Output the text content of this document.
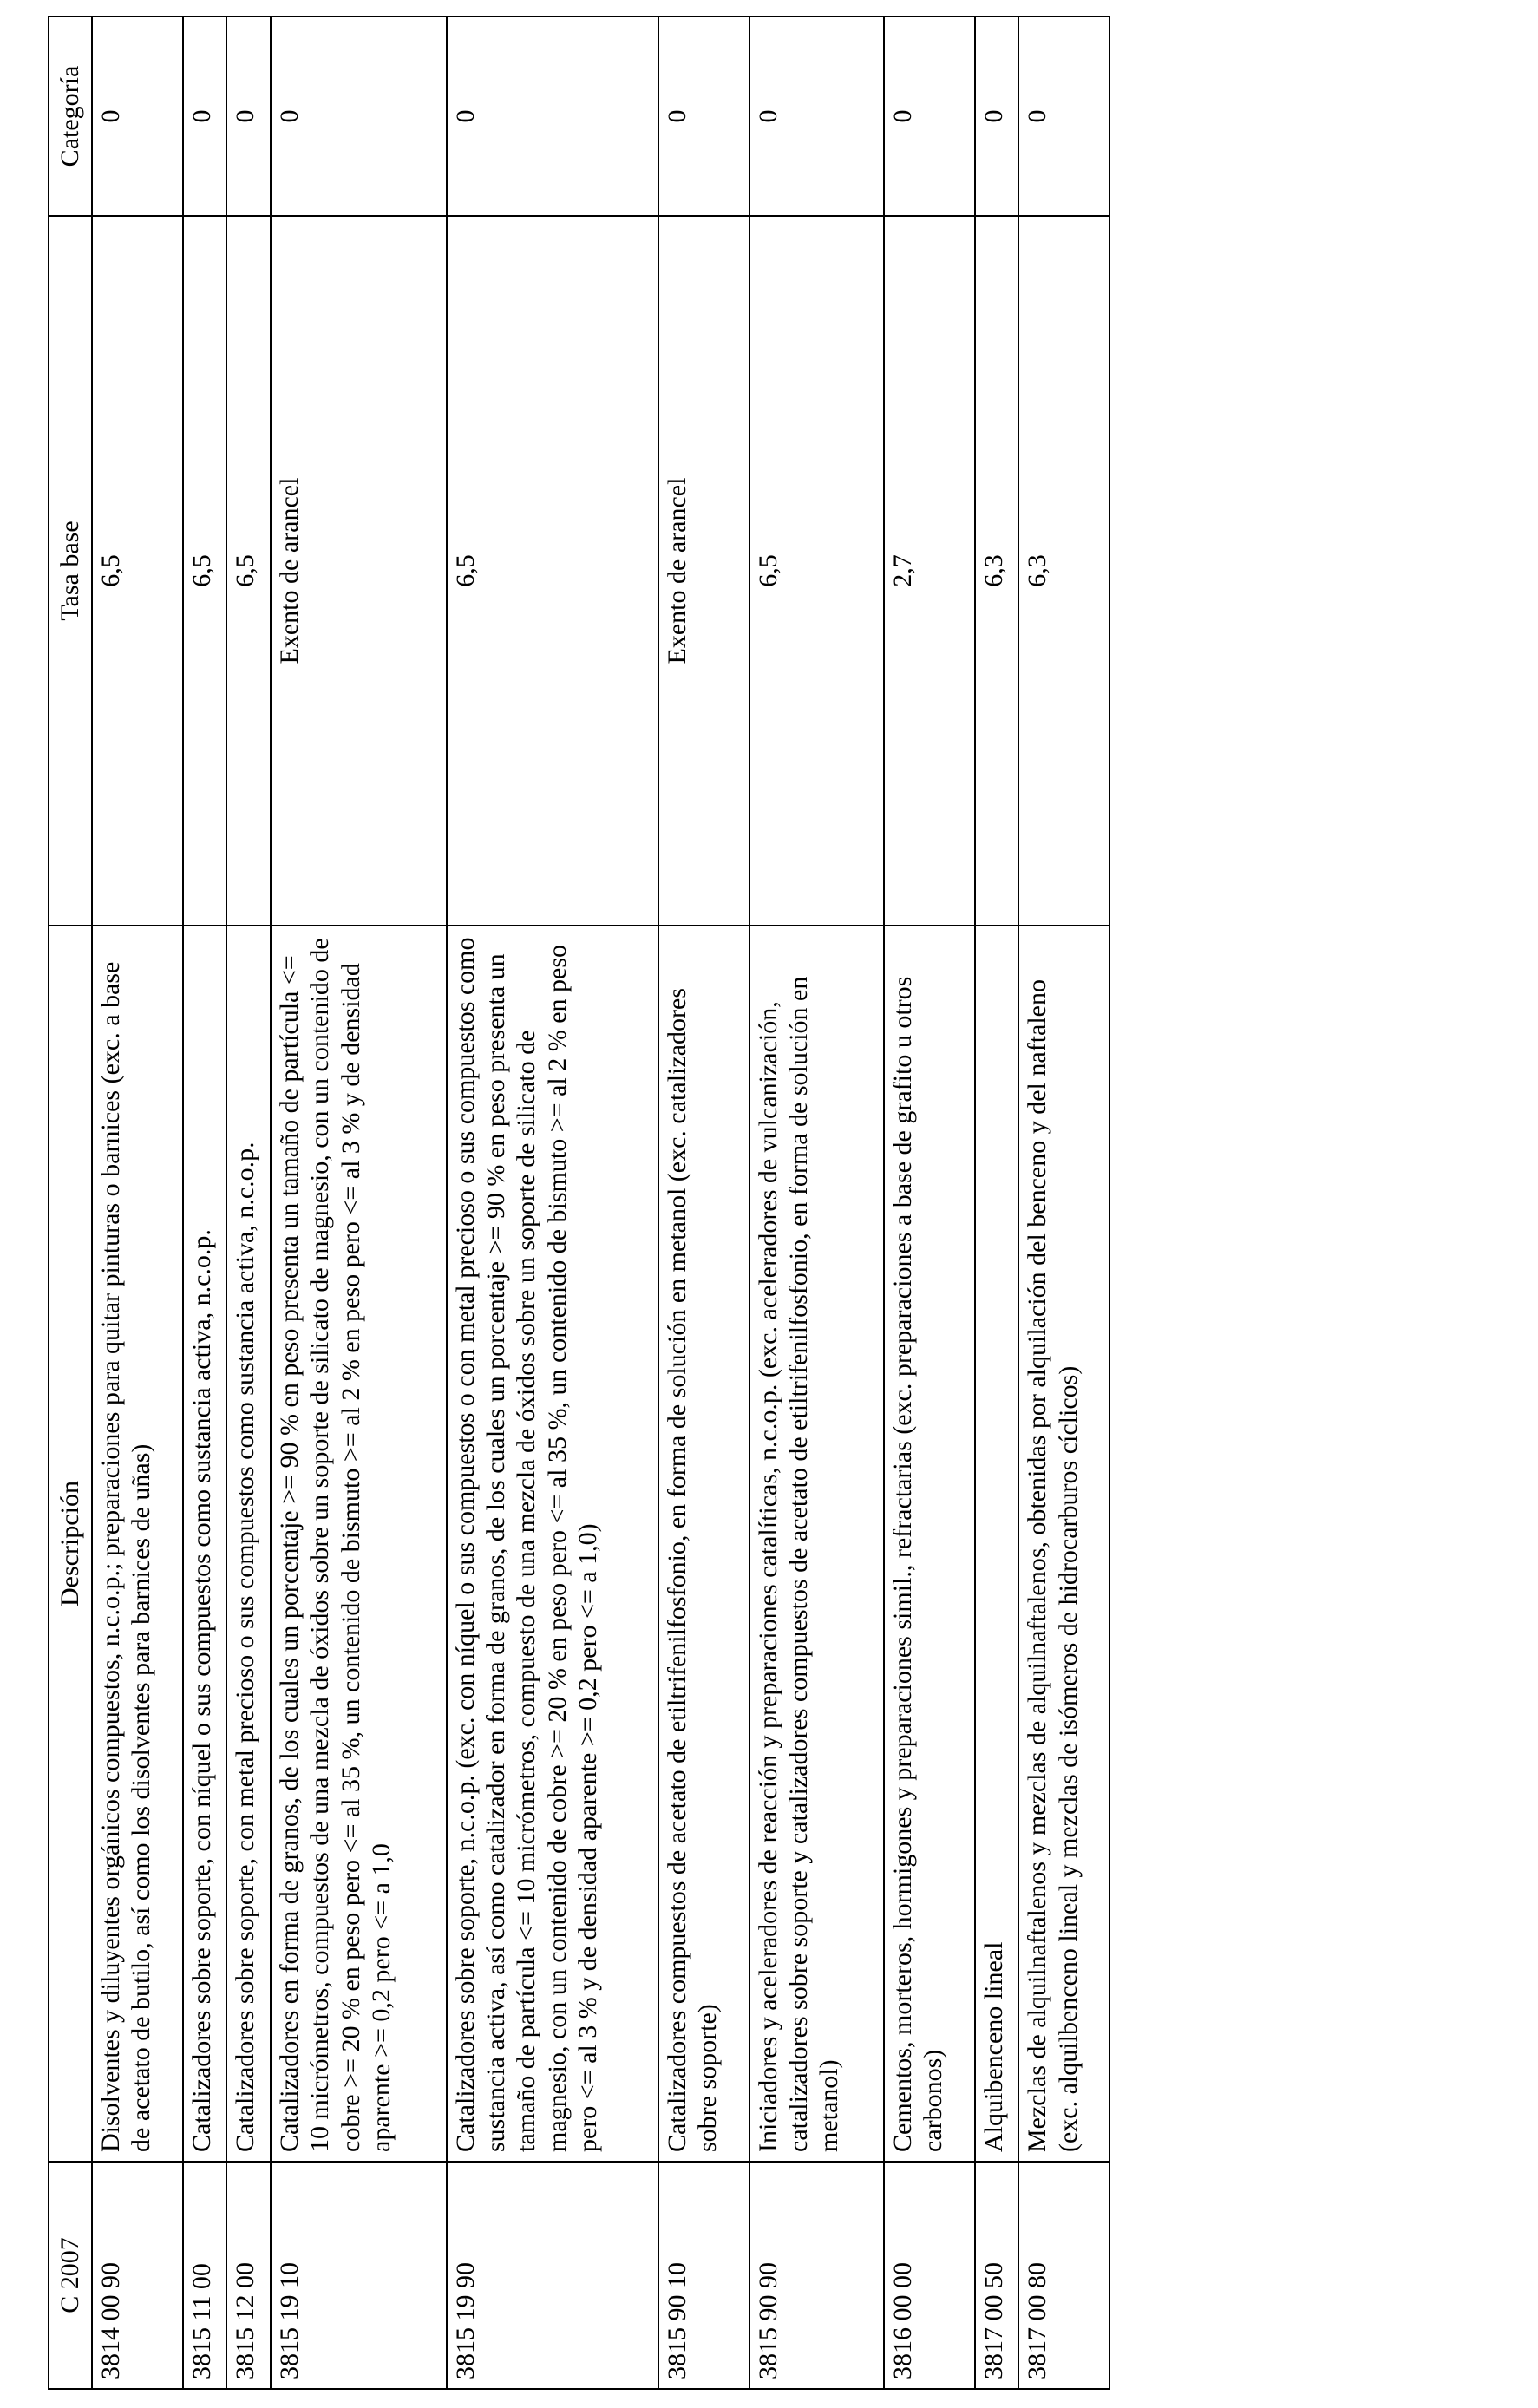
C 2007	Descripción	Tasa base	Categoría
3814 00 90	Disolventes y diluyentes orgánicos compuestos, n.c.o.p.; preparaciones para quitar pinturas o barnices (exc. a base de acetato de butilo, así como los disolventes para barnices de uñas)	6,5	0
3815 11 00	Catalizadores sobre soporte, con níquel o sus compuestos como sustancia activa, n.c.o.p.	6,5	0
3815 12 00	Catalizadores sobre soporte, con metal precioso o sus compuestos como sustancia activa, n.c.o.p.	6,5	0
3815 19 10	Catalizadores en forma de granos, de los cuales un porcentaje >= 90 % en peso presenta un tamaño de partícula <= 10 micrómetros, compuestos de una mezcla de óxidos sobre un soporte de silicato de magnesio, con un contenido de cobre >= 20 % en peso pero <= al 35 %, un contenido de bismuto >= al 2 % en peso pero <= al 3 % y de densidad aparente >= 0,2 pero <= a 1,0	Exento de arancel	0
3815 19 90	Catalizadores sobre soporte, n.c.o.p. (exc. con níquel o sus compuestos o con metal precioso o sus compuestos como sustancia activa, así como catalizador en forma de granos, de los cuales un porcentaje >= 90 % en peso presenta un tamaño de partícula <= 10 micrómetros, compuesto de una mezcla de óxidos sobre un soporte de silicato de magnesio, con un contenido de cobre >= 20 % en peso pero <= al 35 %, un contenido de bismuto >= al 2 % en peso pero <= al 3 % y de densidad aparente >= 0,2 pero <= a 1,0)	6,5	0
3815 90 10	Catalizadores compuestos de acetato de etiltrifenilfosfonio, en forma de solución en metanol (exc. catalizadores sobre soporte)	Exento de arancel	0
3815 90 90	Iniciadores y aceleradores de reacción y preparaciones catalíticas, n.c.o.p. (exc. aceleradores de vulcanización, catalizadores sobre soporte y catalizadores compuestos de acetato de etiltrifenilfosfonio, en forma de solución en metanol)	6,5	0
3816 00 00	Cementos, morteros, hormigones y preparaciones simil., refractarias (exc. preparaciones a base de grafito u otros carbonos)	2,7	0
3817 00 50	Alquibenceno lineal	6,3	0
3817 00 80	Mezclas de alquilnaftalenos y mezclas de alquilnaftalenos, obtenidas por alquilación del benceno y del naftaleno (exc. alquilbenceno lineal y mezclas de isómeros de hidrocarburos cíclicos)	6,3	0
